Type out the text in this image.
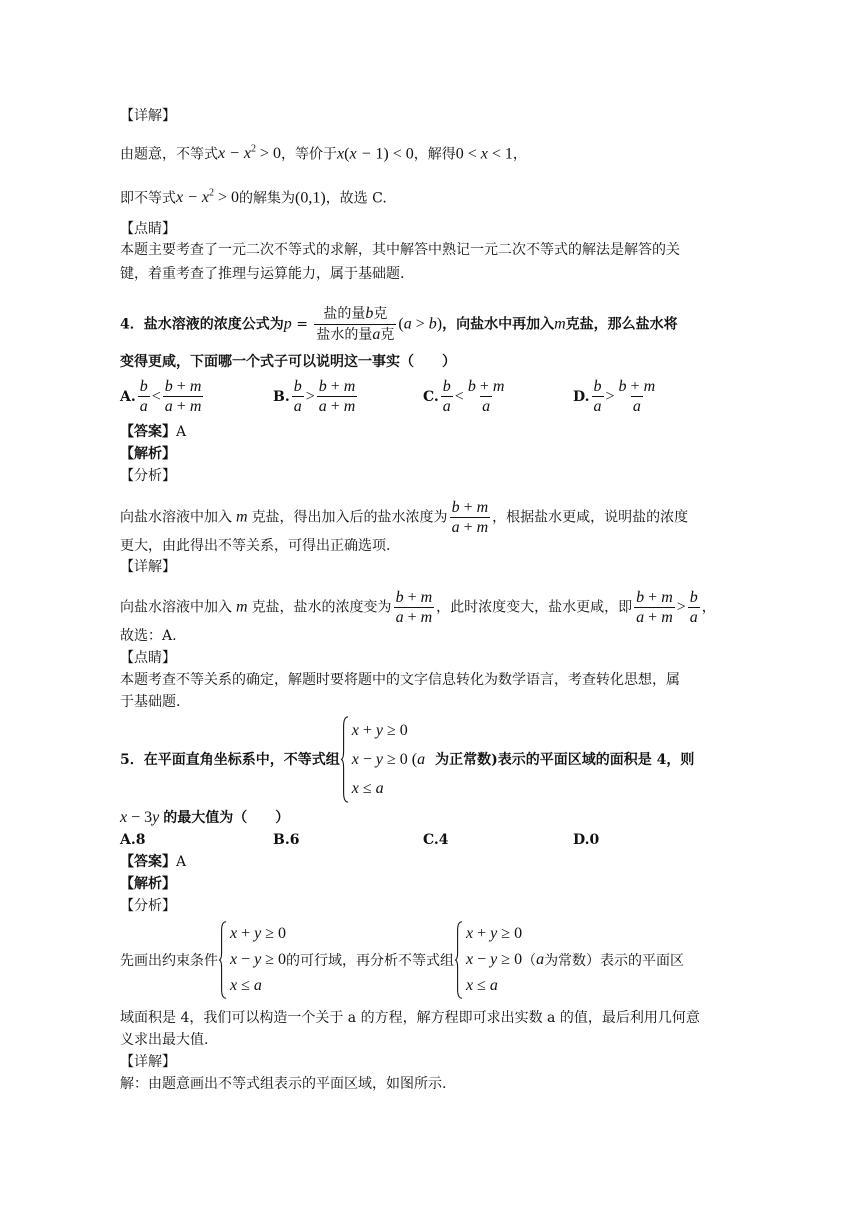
【详解】
由题意，不等式$x - x^2 > 0$，等价于x(x − 1) < 0，解得0 < x < 1，
即不等式$x - x^2 > 0$的解集为(0,1)，故选 C.
【点睛】
本题主要考查了一元二次不等式的求解，其中解答中熟记一元二次不等式的解法是解答的关
键，着重考查了推理与运算能力，属于基础题.
4．盐水溶液的浓度公式为$p = \frac{\text{盐的量b克}}{\text{盐水的量a克}} (a > b)$，向盐水中再加入m克盐，那么盐水将
变得更咸，下面哪一个式子可以说明这一事实（　　）
A. $\frac{b}{a} < \frac{b + m}{a + m}$	B. $\frac{b}{a} > \frac{b + m}{a + m}$	C. $\frac{b}{a} < \frac{b + m}{a}$	D. $\frac{b}{a} > \frac{b + m}{a}$
【答案】A
【解析】
【分析】
向盐水溶液中加入 m 克盐，得出加入后的盐水浓度为 $\frac{b + m}{a + m}$ ，根据盐水更咸，说明盐的浓度
更大，由此得出不等关系，可得出正确选项.
【详解】
向盐水溶液中加入 m 克盐，盐水的浓度变为 $\frac{b + m}{a + m}$ ，此时浓度变大，盐水更咸，即 $\frac{b + m}{a + m} > \frac{b}{a}$ ，
故选：A.
【点睛】
本题考查不等关系的确定，解题时要将题中的文字信息转化为数学语言，考查转化思想，属
于基础题.
5．在平面直角坐标系中，不等式组
x + y ≥ 0
x − y ≥ 0 (a
x ≤ a
为正常数)表示的平面区域的面积是 4，则
x − 3y 的最大值为（　　）
A.8	B.6	C.4	D.0
【答案】A
【解析】
【分析】
先画出约束条件
x + y ≥ 0
x − y ≥ 0
x ≤ a
的可行域，再分析不等式组
x + y ≥ 0
x − y ≥ 0
x ≤ a
（ a 为常数）表示的平面区
域面积是 4，我们可以构造一个关于 a 的方程，解方程即可求出实数 a 的值，最后利用几何意
义求出最大值.
【详解】
解：由题意画出不等式组表示的平面区域，如图所示.
